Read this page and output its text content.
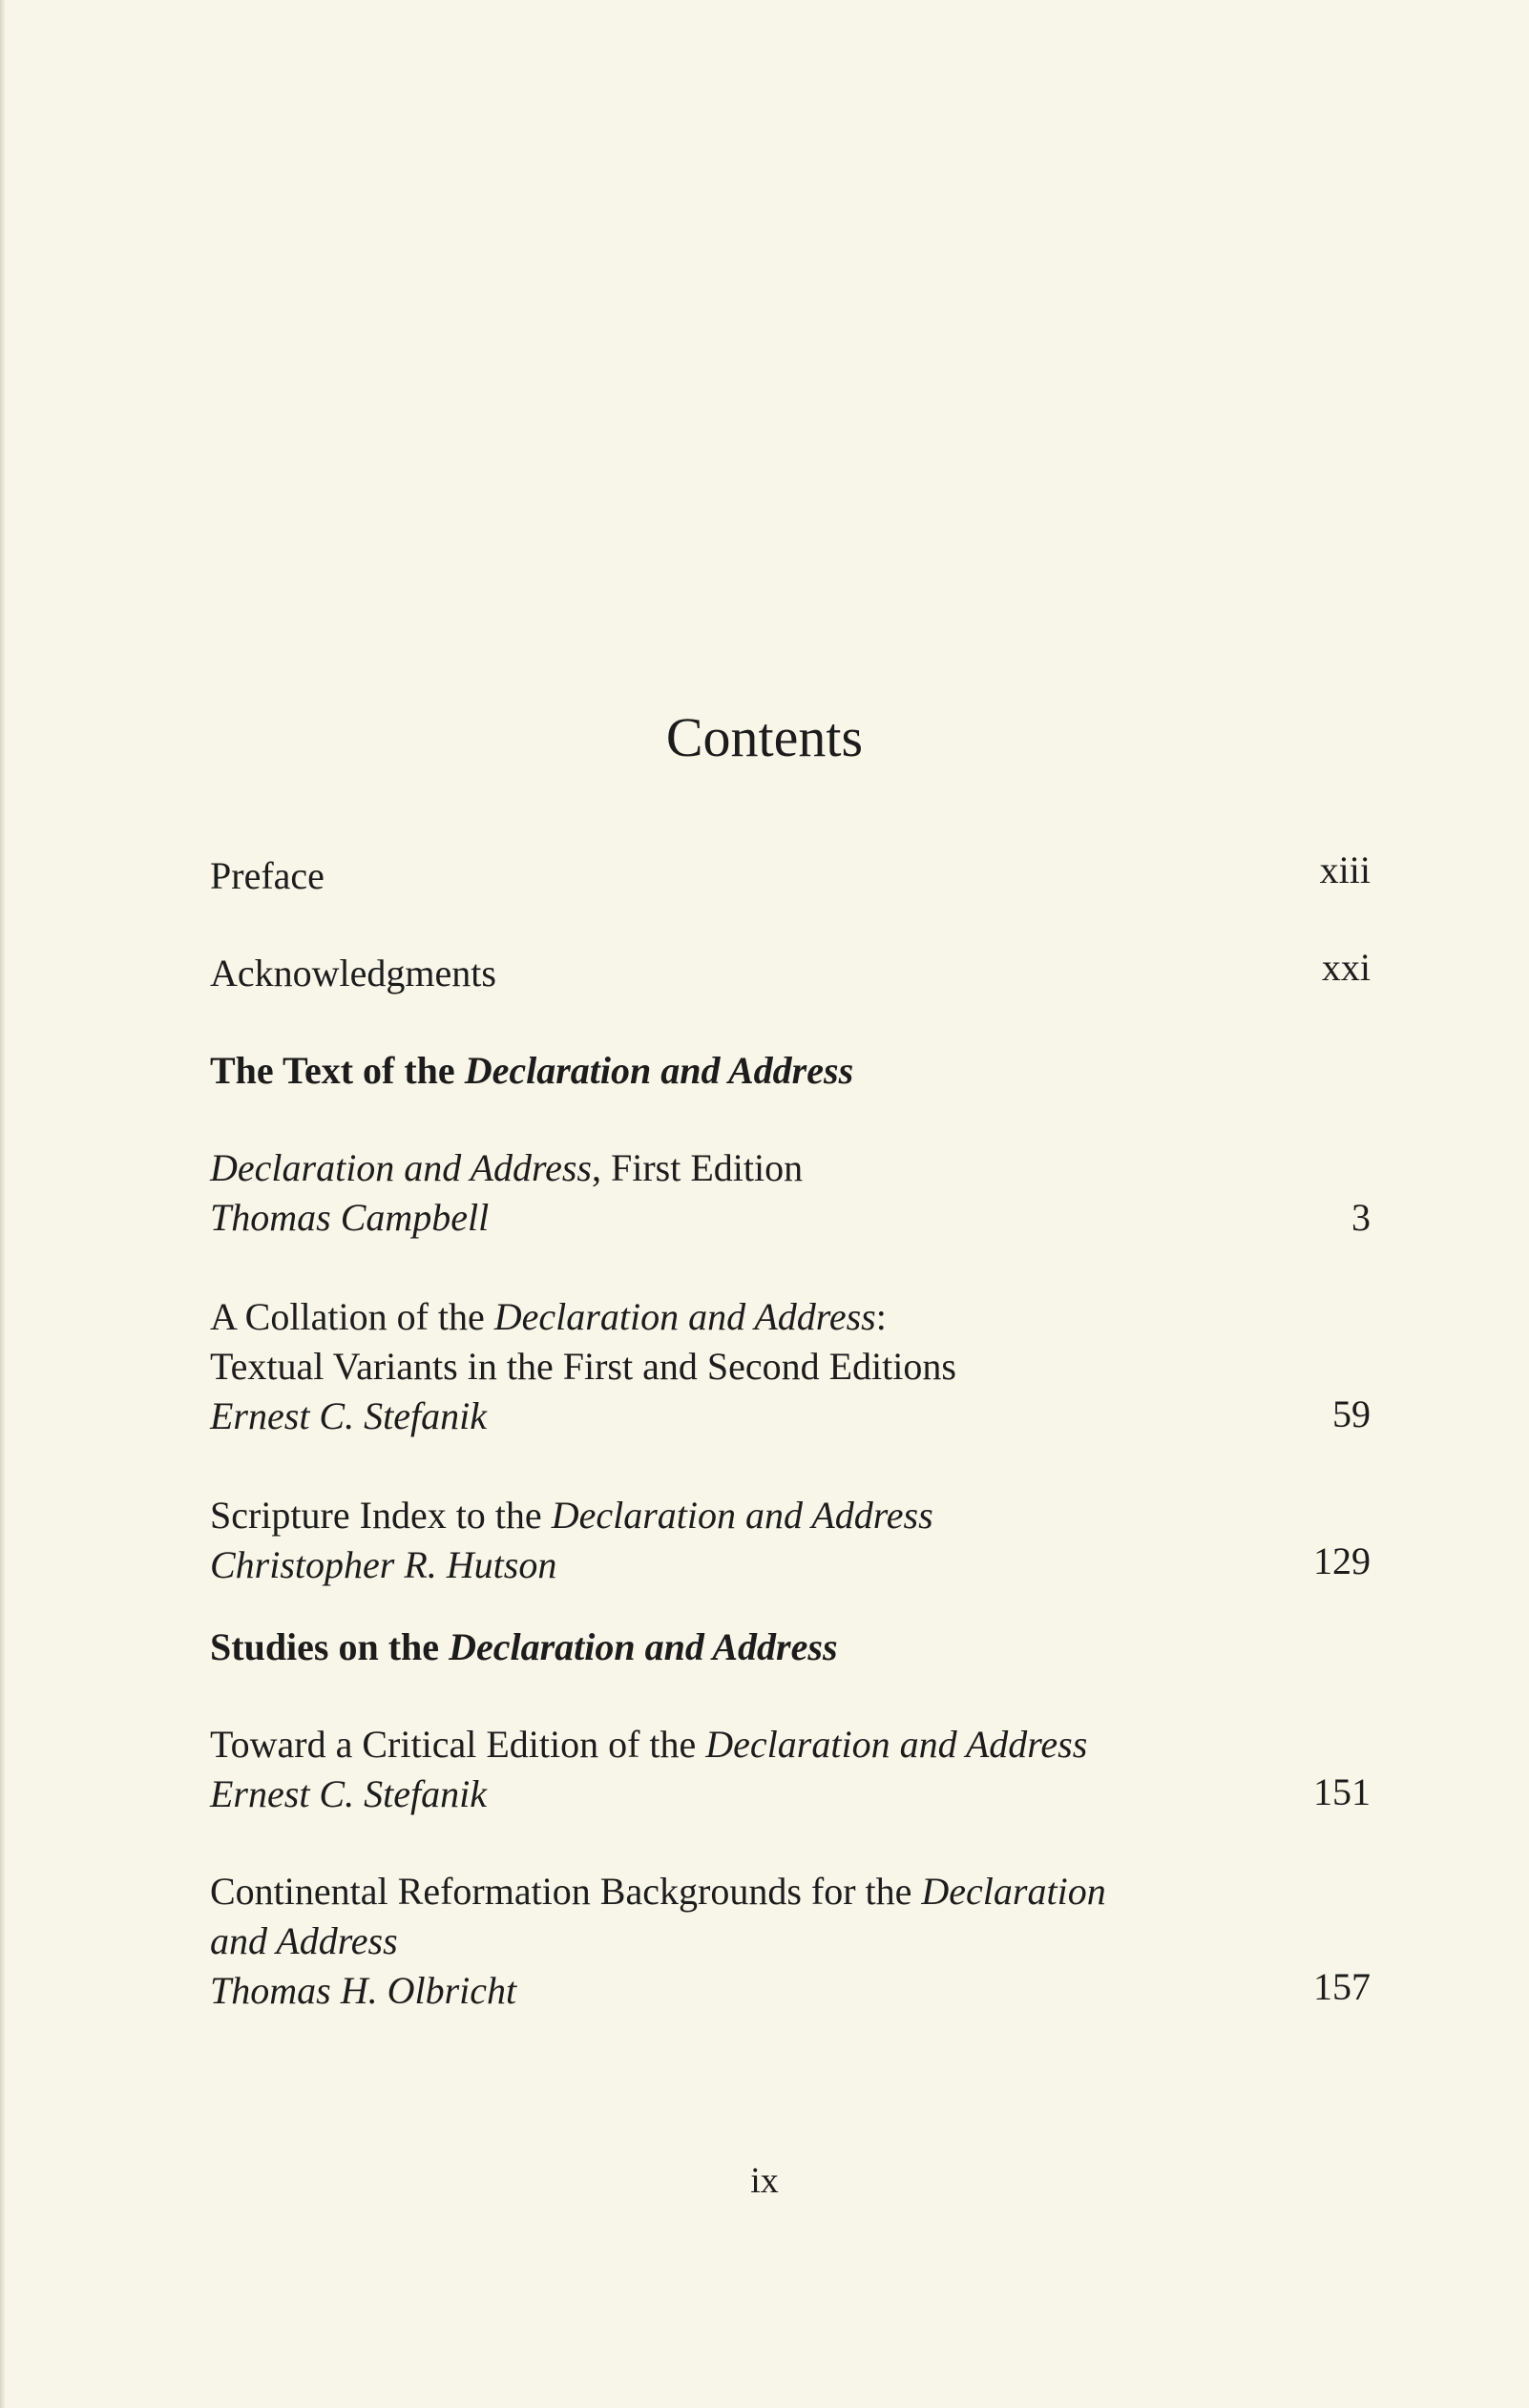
Contents
Preface	xiii
Acknowledgments	xxi
The Text of the Declaration and Address
Declaration and Address, First Edition
Thomas Campbell	3
A Collation of the Declaration and Address:
Textual Variants in the First and Second Editions
Ernest C. Stefanik	59
Scripture Index to the Declaration and Address
Christopher R. Hutson	129
Studies on the Declaration and Address
Toward a Critical Edition of the Declaration and Address
Ernest C. Stefanik	151
Continental Reformation Backgrounds for the Declaration
and Address
Thomas H. Olbricht	157
ix
